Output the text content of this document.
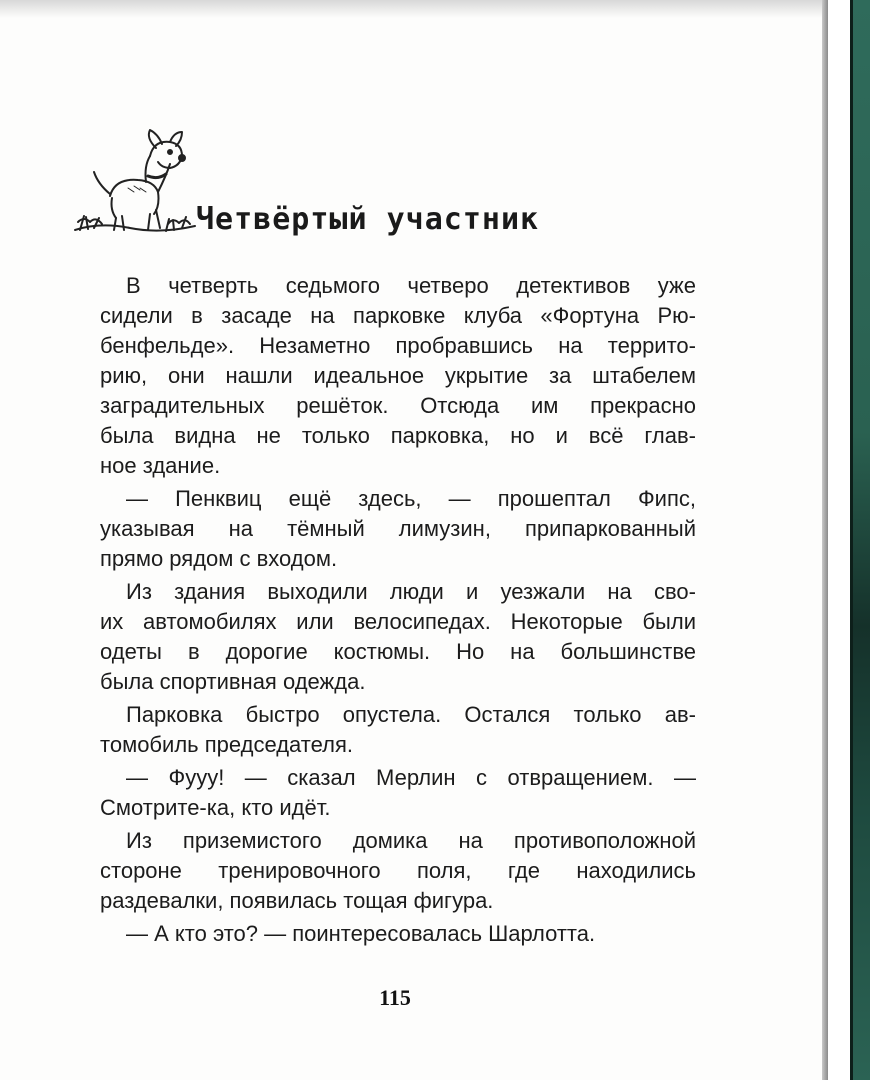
Четвёртый участник
В четверть седьмого четверо детективов уже
сидели в засаде на парковке клуба «Фортуна Рю-
бенфельде». Незаметно пробравшись на террито-
рию, они нашли идеальное укрытие за штабелем
заградительных решёток. Отсюда им прекрасно
была видна не только парковка, но и всё глав-
ное здание.
— Пенквиц ещё здесь, — прошептал Фипс,
указывая на тёмный лимузин, припаркованный
прямо рядом с входом.
Из здания выходили люди и уезжали на сво-
их автомобилях или велосипедах. Некоторые были
одеты в дорогие костюмы. Но на большинстве
была спортивная одежда.
Парковка быстро опустела. Остался только ав-
томобиль председателя.
— Фууу! — сказал Мерлин с отвращением. —
Смотрите-ка, кто идёт.
Из приземистого домика на противоположной
стороне тренировочного поля, где находились
раздевалки, появилась тощая фигура.
— А кто это? — поинтересовалась Шарлотта.
115
